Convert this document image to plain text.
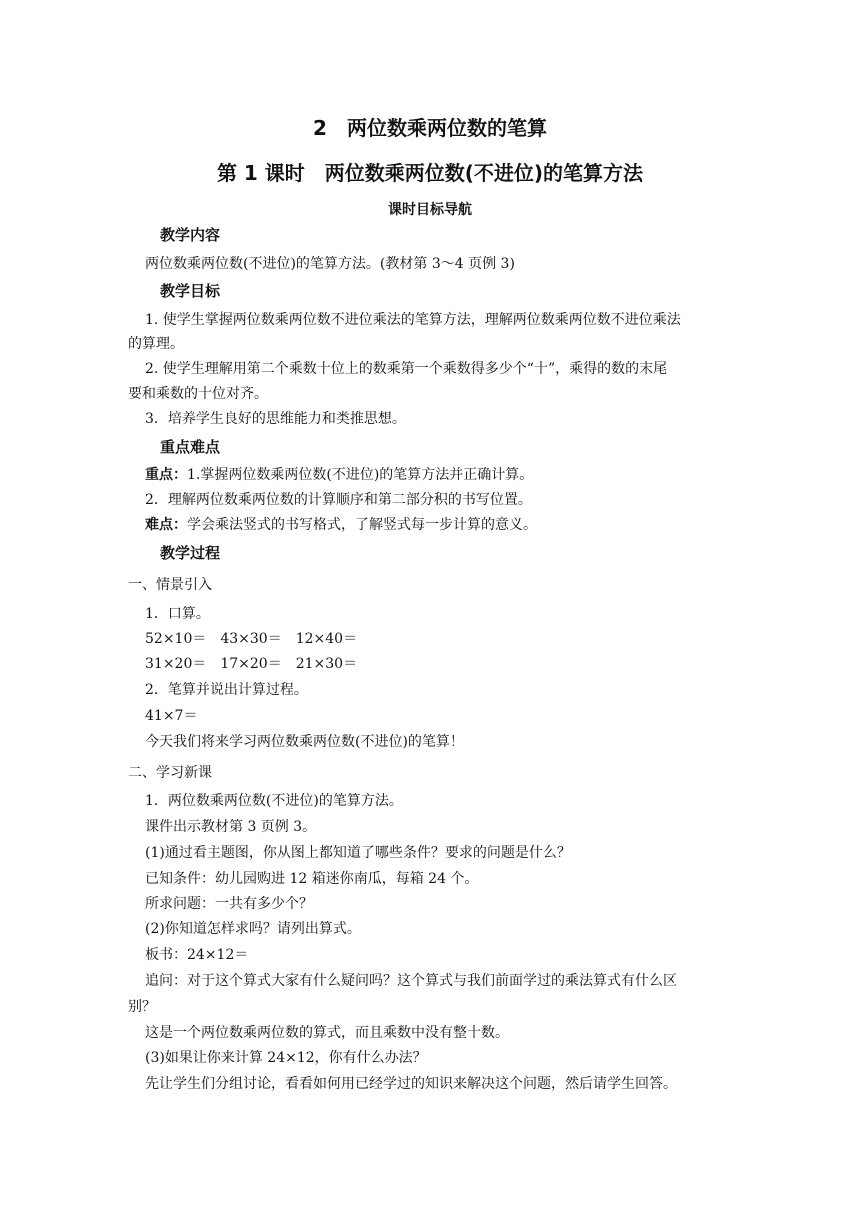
2　两位数乘两位数的笔算
第 1 课时　两位数乘两位数(不进位)的笔算方法
课时目标导航
教学内容
两位数乘两位数(不进位)的笔算方法。(教材第 3～4 页例 3)
教学目标
1. 使学生掌握两位数乘两位数不进位乘法的笔算方法，理解两位数乘两位数不进位乘法
的算理。
2. 使学生理解用第二个乘数十位上的数乘第一个乘数得多少个“十”，乘得的数的末尾
要和乘数的十位对齐。
3．培养学生良好的思维能力和类推思想。
重点难点
重点：1.掌握两位数乘两位数(不进位)的笔算方法并正确计算。
2．理解两位数乘两位数的计算顺序和第二部分积的书写位置。
难点：学会乘法竖式的书写格式，了解竖式每一步计算的意义。
教学过程
一、情景引入
1．口算。
52×10＝　43×30＝　12×40＝
31×20＝　17×20＝　21×30＝
2．笔算并说出计算过程。
41×7＝
今天我们将来学习两位数乘两位数(不进位)的笔算！
二、学习新课
1．两位数乘两位数(不进位)的笔算方法。
课件出示教材第 3 页例 3。
(1)通过看主题图，你从图上都知道了哪些条件？要求的问题是什么？
已知条件：幼儿园购进 12 箱迷你南瓜，每箱 24 个。
所求问题：一共有多少个？
(2)你知道怎样求吗？请列出算式。
板书：24×12＝
追问：对于这个算式大家有什么疑问吗？这个算式与我们前面学过的乘法算式有什么区
别？
这是一个两位数乘两位数的算式，而且乘数中没有整十数。
(3)如果让你来计算 24×12，你有什么办法？
先让学生们分组讨论，看看如何用已经学过的知识来解决这个问题，然后请学生回答。
